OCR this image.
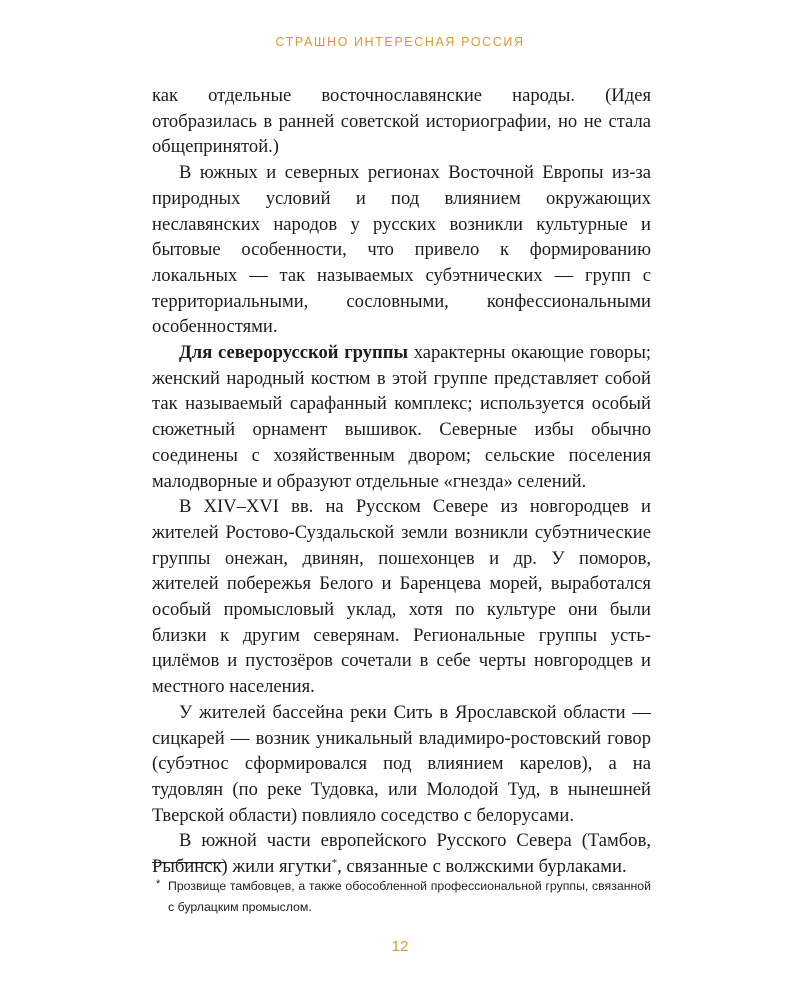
СТРАШНО ИНТЕРЕСНАЯ РОССИЯ

как отдельные восточнославянские народы. (Идея отобразилась в ранней советской историографии, но не стала общепринятой.)

В южных и северных регионах Восточной Европы из-за природных условий и под влиянием окружающих неславянских народов у русских возникли культурные и бытовые особенности, что привело к формированию локальных — так называемых субэтнических — групп с территориальными, сословными, конфессиональными особенностями.

Для северорусской группы характерны окающие говоры; женский народный костюм в этой группе представляет собой так называемый сарафанный комплекс; используется особый сюжетный орнамент вышивок. Северные избы обычно соединены с хозяйственным двором; сельские поселения малодворные и образуют отдельные «гнезда» селений.

В XIV–XVI вв. на Русском Севере из новгородцев и жителей Ростово-Суздальской земли возникли субэтнические группы онежан, двинян, пошехонцев и др. У поморов, жителей побережья Белого и Баренцева морей, выработался особый промысловый уклад, хотя по культуре они были близки к другим северянам. Региональные группы усть-цилёмов и пустозёров сочетали в себе черты новгородцев и местного населения.

У жителей бассейна реки Сить в Ярославской области — сицкарей — возник уникальный владимиро-ростовский говор (субэтнос сформировался под влиянием карелов), а на тудовлян (по реке Тудовка, или Молодой Туд, в нынешней Тверской области) повлияло соседство с белорусами.

В южной части европейского Русского Севера (Тамбов, Рыбинск) жили ягутки*, связанные с волжскими бурлаками.

* Прозвище тамбовцев, а также обособленной профессиональной группы, связанной с бурлацким промыслом.
12
